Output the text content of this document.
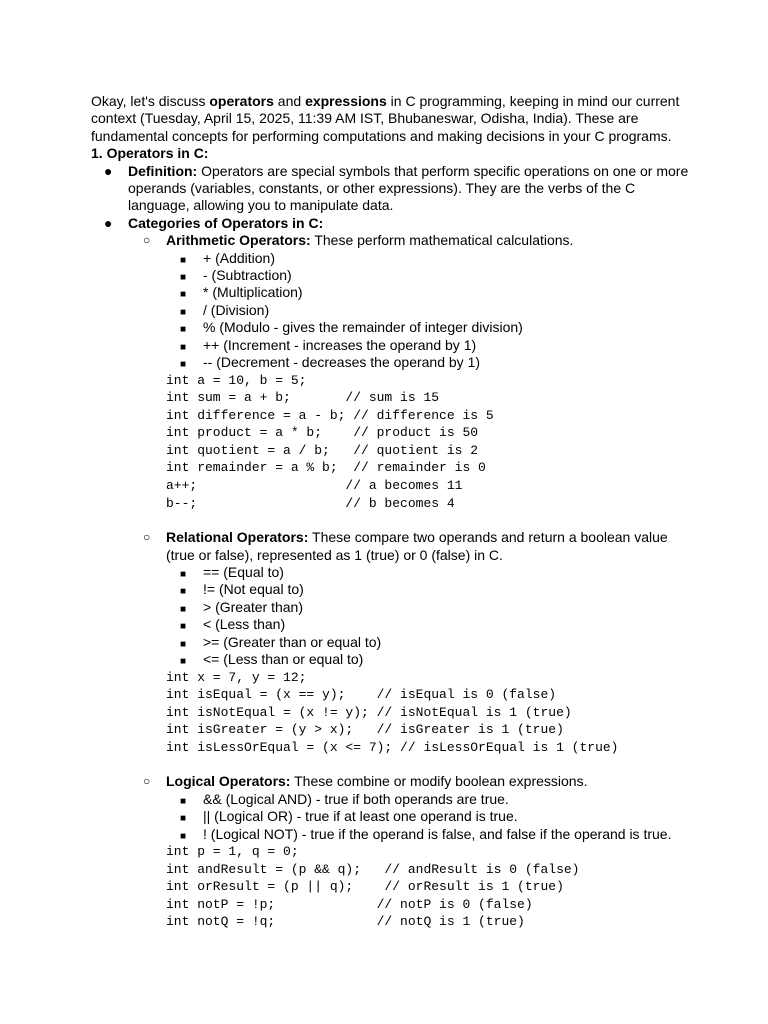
Okay, let's discuss operators and expressions in C programming, keeping in mind our current context (Tuesday, April 15, 2025, 11:39 AM IST, Bhubaneswar, Odisha, India). These are fundamental concepts for performing computations and making decisions in your C programs.

1. Operators in C:

● Definition: Operators are special symbols that perform specific operations on one or more operands (variables, constants, or other expressions). They are the verbs of the C language, allowing you to manipulate data.
● Categories of Operators in C:
○ Arithmetic Operators: These perform mathematical calculations.
■ + (Addition)
■ - (Subtraction)
■ * (Multiplication)
■ / (Division)
■ % (Modulo - gives the remainder of integer division)
■ ++ (Increment - increases the operand by 1)
■ -- (Decrement - decreases the operand by 1)
int a = 10, b = 5;
int sum = a + b;       // sum is 15
int difference = a - b; // difference is 5
int product = a * b;    // product is 50
int quotient = a / b;   // quotient is 2
int remainder = a % b;  // remainder is 0
a++;                   // a becomes 11
b--;                   // b becomes 4
○ Relational Operators: These compare two operands and return a boolean value (true or false), represented as 1 (true) or 0 (false) in C.
■ == (Equal to)
■ != (Not equal to)
■ > (Greater than)
■ < (Less than)
■ >= (Greater than or equal to)
■ <= (Less than or equal to)
int x = 7, y = 12;
int isEqual = (x == y);    // isEqual is 0 (false)
int isNotEqual = (x != y); // isNotEqual is 1 (true)
int isGreater = (y > x);   // isGreater is 1 (true)
int isLessOrEqual = (x <= 7); // isLessOrEqual is 1 (true)
○ Logical Operators: These combine or modify boolean expressions.
■ && (Logical AND) - true if both operands are true.
■ || (Logical OR) - true if at least one operand is true.
■ ! (Logical NOT) - true if the operand is false, and false if the operand is true.
int p = 1, q = 0;
int andResult = (p && q);   // andResult is 0 (false)
int orResult = (p || q);    // orResult is 1 (true)
int notP = !p;             // notP is 0 (false)
int notQ = !q;             // notQ is 1 (true)
